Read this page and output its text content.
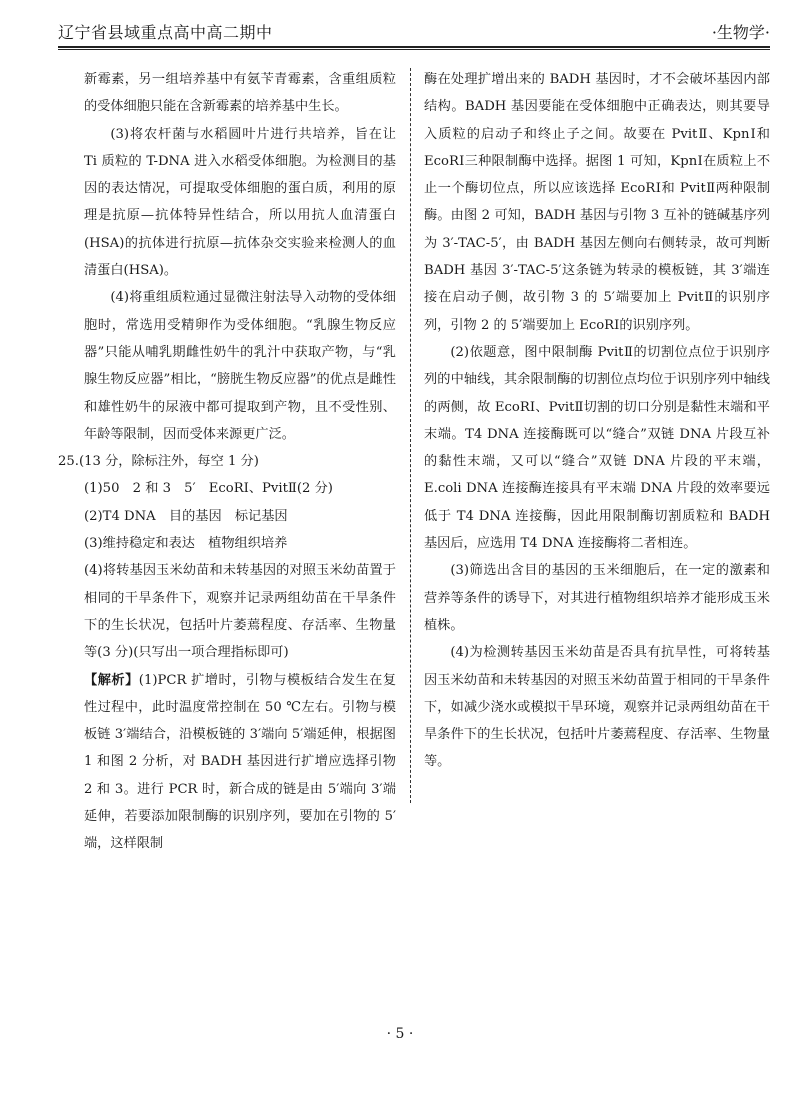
辽宁省县域重点高中高二期中	·生物学·

新霉素，另一组培养基中有氨苄青霉素，含重组质粒的受体细胞只能在含新霉素的培养基中生长。

(3)将农杆菌与水稻圆叶片进行共培养，旨在让 Ti 质粒的 T-DNA 进入水稻受体细胞。为检测目的基因的表达情况，可提取受体细胞的蛋白质，利用的原理是抗原—抗体特异性结合，所以用抗人血清蛋白(HSA)的抗体进行抗原—抗体杂交实验来检测人的血清蛋白(HSA)。

(4)将重组质粒通过显微注射法导入动物的受体细胞时，常选用受精卵作为受体细胞。“乳腺生物反应器”只能从哺乳期雌性奶牛的乳汁中获取产物，与“乳腺生物反应器”相比，“膀胱生物反应器”的优点是雌性和雄性奶牛的尿液中都可提取到产物，且不受性别、年龄等限制，因而受体来源更广泛。

25.(13 分，除标注外，每空 1 分)

(1)50　2 和 3　5′　EcoRⅠ、PvitⅡ(2 分)

(2)T4 DNA　目的基因　标记基因

(3)维持稳定和表达　植物组织培养

(4)将转基因玉米幼苗和未转基因的对照玉米幼苗置于相同的干旱条件下，观察并记录两组幼苗在干旱条件下的生长状况，包括叶片萎蔫程度、存活率、生物量等(3 分)(只写出一项合理指标即可)

【解析】(1)PCR 扩增时，引物与模板结合发生在复性过程中，此时温度常控制在 50 ℃左右。引物与模板链 3′端结合，沿模板链的 3′端向 5′端延伸，根据图 1 和图 2 分析，对 BADH 基因进行扩增应选择引物 2 和 3。进行 PCR 时，新合成的链是由 5′端向 3′端延伸，若要添加限制酶的识别序列，要加在引物的 5′端，这样限制

酶在处理扩增出来的 BADH 基因时，才不会破坏基因内部结构。BADH 基因要能在受体细胞中正确表达，则其要导入质粒的启动子和终止子之间。故要在 PvitⅡ、KpnⅠ和 EcoRⅠ三种限制酶中选择。据图 1 可知，KpnⅠ在质粒上不止一个酶切位点，所以应该选择 EcoRⅠ和 PvitⅡ两种限制酶。由图 2 可知，BADH 基因与引物 3 互补的链碱基序列为 3′-TAC-5′，由 BADH 基因左侧向右侧转录，故可判断 BADH 基因 3′-TAC-5′这条链为转录的模板链，其 3′端连接在启动子侧，故引物 3 的 5′端要加上 PvitⅡ的识别序列，引物 2 的 5′端要加上 EcoRⅠ的识别序列。

(2)依题意，图中限制酶 PvitⅡ的切割位点位于识别序列的中轴线，其余限制酶的切割位点均位于识别序列中轴线的两侧，故 EcoRⅠ、PvitⅡ切割的切口分别是黏性末端和平末端。T4 DNA 连接酶既可以“缝合”双链 DNA 片段互补的黏性末端，又可以“缝合”双链 DNA 片段的平末端，E.coli DNA 连接酶连接具有平末端 DNA 片段的效率要远低于 T4 DNA 连接酶，因此用限制酶切割质粒和 BADH 基因后，应选用 T4 DNA 连接酶将二者相连。

(3)筛选出含目的基因的玉米细胞后，在一定的激素和营养等条件的诱导下，对其进行植物组织培养才能形成玉米植株。

(4)为检测转基因玉米幼苗是否具有抗旱性，可将转基因玉米幼苗和未转基因的对照玉米幼苗置于相同的干旱条件下，如减少浇水或模拟干旱环境，观察并记录两组幼苗在干旱条件下的生长状况，包括叶片萎蔫程度、存活率、生物量等。

· 5 ·
